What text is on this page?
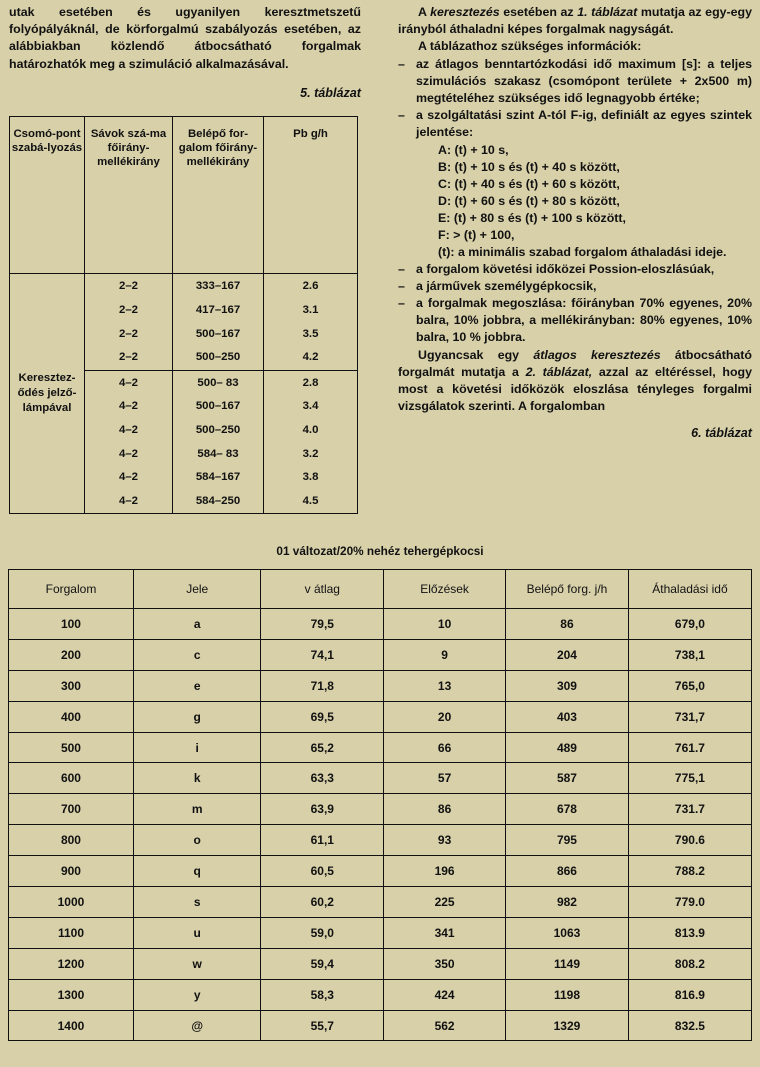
utak esetében és ugyanilyen keresztmetszetű folyópályáknál, de körforgalmú szabályozás esetében, az alábbiakban közlendő átbocsátható forgalmak határozhatók meg a szimuláció alkalmazásával.

5. táblázat
Csomó-pont szabá-lyozás	Sávok szá-ma főirány-mellékirány	Belépő for-galom főirány-mellékirány	Pb g/h
Keresztez-ődés jelző-lámpával	2–2	333–167	2.6
	2–2	417–167	3.1
	2–2	500–167	3.5
	2–2	500–250	4.2
	4–2	500– 83	2.8
	4–2	500–167	3.4
	4–2	500–250	4.0
	4–2	584– 83	3.2
	4–2	584–167	3.8
	4–2	584–250	4.5

A keresztezés esetében az 1. táblázat mutatja az egy-egy irányból áthaladni képes forgalmak nagyságát.

A táblázathoz szükséges információk:

– az átlagos benntartózkodási idő maximum [s]: a teljes szimulációs szakasz (csomópont területe + 2x500 m) megtételéhez szükséges idő legnagyobb értéke;
– a szolgáltatási szint A-tól F-ig, definiált az egyes szintek jelentése:
A: (t) + 10 s,
B: (t) + 10 s és (t) + 40 s között,
C: (t) + 40 s és (t) + 60 s között,
D: (t) + 60 s és (t) + 80 s között,
E: (t) + 80 s és (t) + 100 s között,
F: > (t) + 100,
(t): a minimális szabad forgalom áthaladási ideje.
– a forgalom követési időközei Possion-eloszlásúak,
– a járművek személygépkocsik,
– a forgalmak megoszlása: főirányban 70% egyenes, 20% balra, 10% jobbra, a mellékirányban: 80% egyenes, 10% balra, 10 % jobbra.

Ugyancsak egy átlagos keresztezés átbocsátható forgalmát mutatja a 2. táblázat, azzal az eltéréssel, hogy most a követési időközök eloszlása tényleges forgalmi vizsgálatok szerinti. A forgalomban

6. táblázat
01 változat/20% nehéz tehergépkocsi
Forgalom	Jele	v átlag	Előzések	Belépő forg. j/h	Áthaladási idő
100	a	79,5	10	86	679,0
200	c	74,1	9	204	738,1
300	e	71,8	13	309	765,0
400	g	69,5	20	403	731,7
500	i	65,2	66	489	761.7
600	k	63,3	57	587	775,1
700	m	63,9	86	678	731.7
800	o	61,1	93	795	790.6
900	q	60,5	196	866	788.2
1000	s	60,2	225	982	779.0
1100	u	59,0	341	1063	813.9
1200	w	59,4	350	1149	808.2
1300	y	58,3	424	1198	816.9
1400	@	55,7	562	1329	832.5
